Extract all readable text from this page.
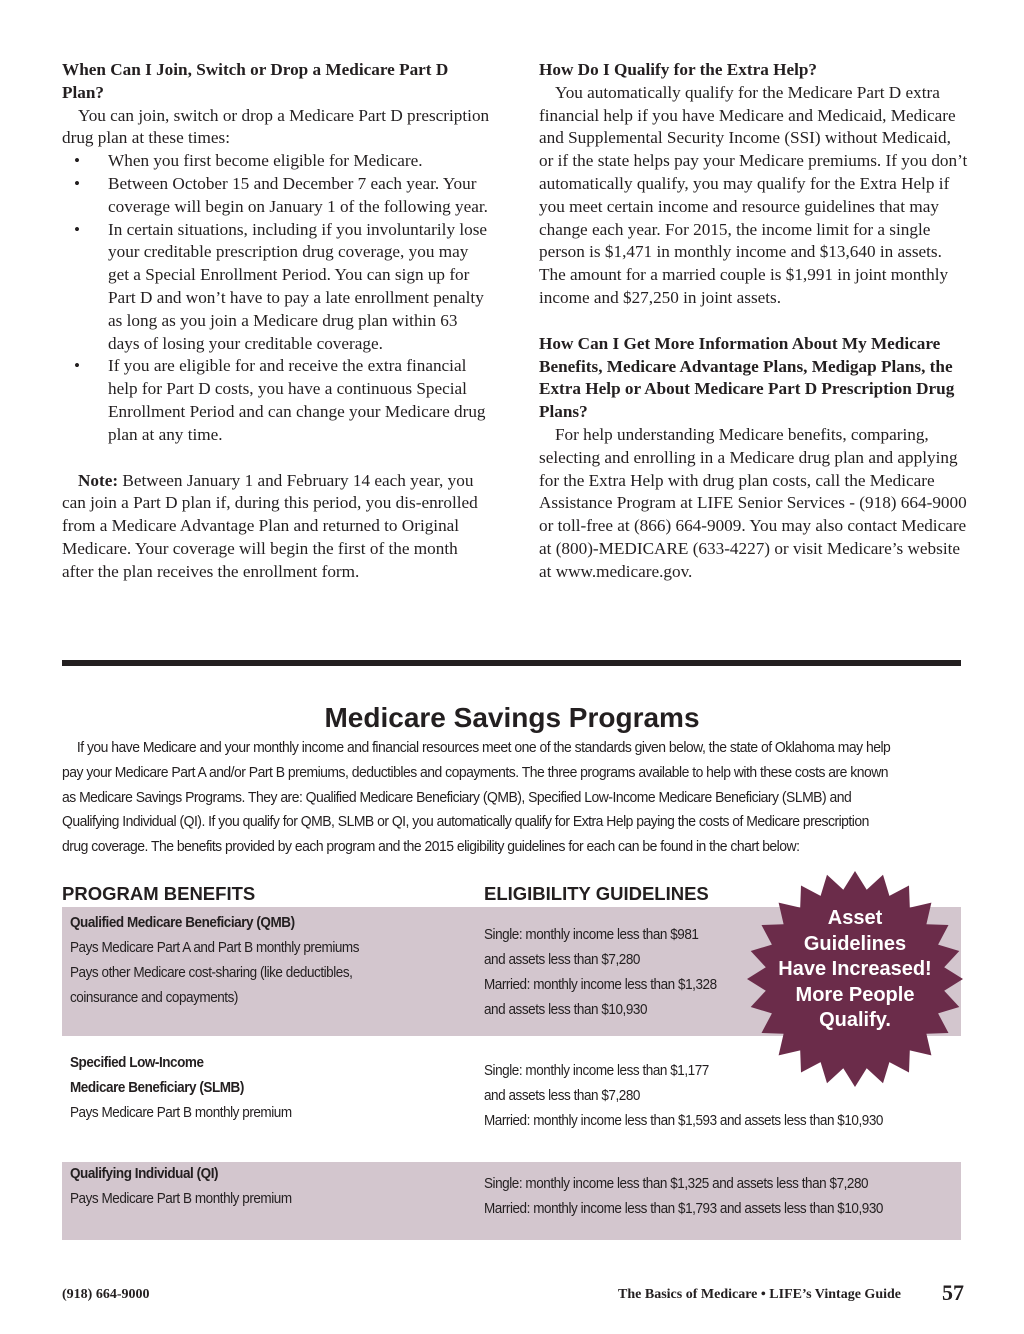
When Can I Join, Switch or Drop a Medicare Part D Plan?

You can join, switch or drop a Medicare Part D prescription drug plan at these times:

• When you first become eligible for Medicare.
• Between October 15 and December 7 each year. Your coverage will begin on January 1 of the following year.
• In certain situations, including if you involuntarily lose your creditable prescription drug coverage, you may get a Special Enrollment Period. You can sign up for Part D and won’t have to pay a late enrollment penalty as long as you join a Medicare drug plan within 63 days of losing your creditable coverage.
• If you are eligible for and receive the extra financial help for Part D costs, you have a continuous Special Enrollment Period and can change your Medicare drug plan at any time.

Note: Between January 1 and February 14 each year, you can join a Part D plan if, during this period, you dis-enrolled from a Medicare Advantage Plan and returned to Original Medicare. Your coverage will begin the first of the month after the plan receives the enrollment form.

How Do I Qualify for the Extra Help?

You automatically qualify for the Medicare Part D extra financial help if you have Medicare and Medicaid, Medicare and Supplemental Security Income (SSI) without Medicaid, or if the state helps pay your Medicare premiums. If you don’t automatically qualify, you may qualify for the Extra Help if you meet certain income and resource guidelines that may change each year. For 2015, the income limit for a single person is $1,471 in monthly income and $13,640 in assets. The amount for a married couple is $1,991 in joint monthly income and $27,250 in joint assets.

How Can I Get More Information About My Medicare Benefits, Medicare Advantage Plans, Medigap Plans, the Extra Help or About Medicare Part D Prescription Drug Plans?

For help understanding Medicare benefits, comparing, selecting and enrolling in a Medicare drug plan and applying for the Extra Help with drug plan costs, call the Medicare Assistance Program at LIFE Senior Services - (918) 664-9000 or toll-free at (866) 664-9009. You may also contact Medicare at (800)-MEDICARE (633-4227) or visit Medicare’s website at www.medicare.gov.

Medicare Savings Programs

If you have Medicare and your monthly income and financial resources meet one of the standards given below, the state of Oklahoma may help pay your Medicare Part A and/or Part B premiums, deductibles and copayments. The three programs available to help with these costs are known as Medicare Savings Programs. They are: Qualified Medicare Beneficiary (QMB), Specified Low-Income Medicare Beneficiary (SLMB) and Qualifying Individual (QI). If you qualify for QMB, SLMB or QI, you automatically qualify for Extra Help paying the costs of Medicare prescription drug coverage. The benefits provided by each program and the 2015 eligibility guidelines for each can be found in the chart below:

PROGRAM BENEFITS	ELIGIBILITY GUIDELINES
Qualified Medicare Beneficiary (QMB)
Pays Medicare Part A and Part B monthly premiums
Pays other Medicare cost-sharing (like deductibles,
coinsurance and copayments)
Single: monthly income less than $981
and assets less than $7,280
Married: monthly income less than $1,328
and assets less than $10,930
Specified Low-Income
Medicare Beneficiary (SLMB)
Pays Medicare Part B monthly premium
Single: monthly income less than $1,177
and assets less than $7,280
Married: monthly income less than $1,593 and assets less than $10,930
Qualifying Individual (QI)
Pays Medicare Part B monthly premium
Single: monthly income less than $1,325 and assets less than $7,280
Married: monthly income less than $1,793 and assets less than $10,930
Asset
Guidelines
Have Increased!
More People
Qualify.
(918) 664-9000	The Basics of Medicare • LIFE’s Vintage Guide 57
